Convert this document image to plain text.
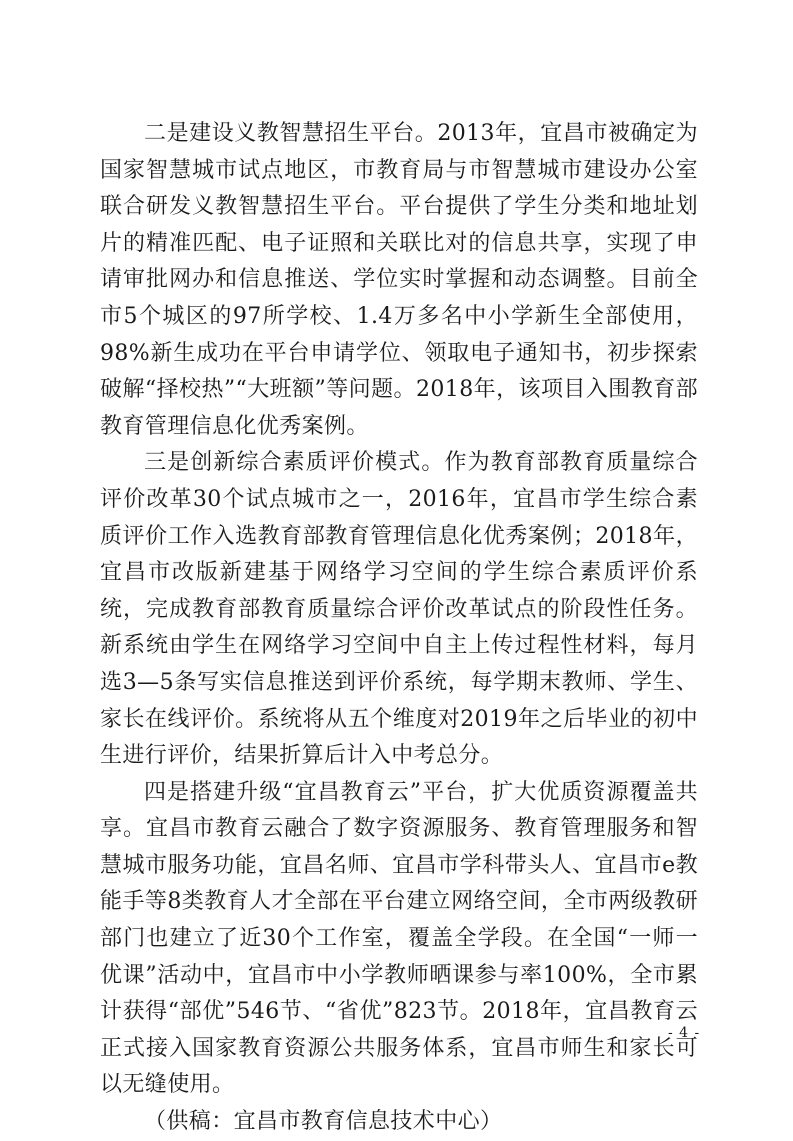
二是建设义教智慧招生平台。2013年，宜昌市被确定为国家智慧城市试点地区，市教育局与市智慧城市建设办公室联合研发义教智慧招生平台。平台提供了学生分类和地址划片的精准匹配、电子证照和关联比对的信息共享，实现了申请审批网办和信息推送、学位实时掌握和动态调整。目前全市5个城区的97所学校、1.4万多名中小学新生全部使用，98%新生成功在平台申请学位、领取电子通知书，初步探索破解“择校热”“大班额”等问题。2018年，该项目入围教育部教育管理信息化优秀案例。

三是创新综合素质评价模式。作为教育部教育质量综合评价改革30个试点城市之一，2016年，宜昌市学生综合素质评价工作入选教育部教育管理信息化优秀案例；2018年，宜昌市改版新建基于网络学习空间的学生综合素质评价系统，完成教育部教育质量综合评价改革试点的阶段性任务。新系统由学生在网络学习空间中自主上传过程性材料，每月选3—5条写实信息推送到评价系统，每学期末教师、学生、家长在线评价。系统将从五个维度对2019年之后毕业的初中生进行评价，结果折算后计入中考总分。

四是搭建升级“宜昌教育云”平台，扩大优质资源覆盖共享。宜昌市教育云融合了数字资源服务、教育管理服务和智慧城市服务功能，宜昌名师、宜昌市学科带头人、宜昌市e教能手等8类教育人才全部在平台建立网络空间，全市两级教研部门也建立了近30个工作室，覆盖全学段。在全国“一师一优课”活动中，宜昌市中小学教师晒课参与率100%，全市累计获得“部优”546节、“省优”823节。2018年，宜昌教育云正式接入国家教育资源公共服务体系，宜昌市师生和家长可以无缝使用。

（供稿：宜昌市教育信息技术中心）

- 4 -
